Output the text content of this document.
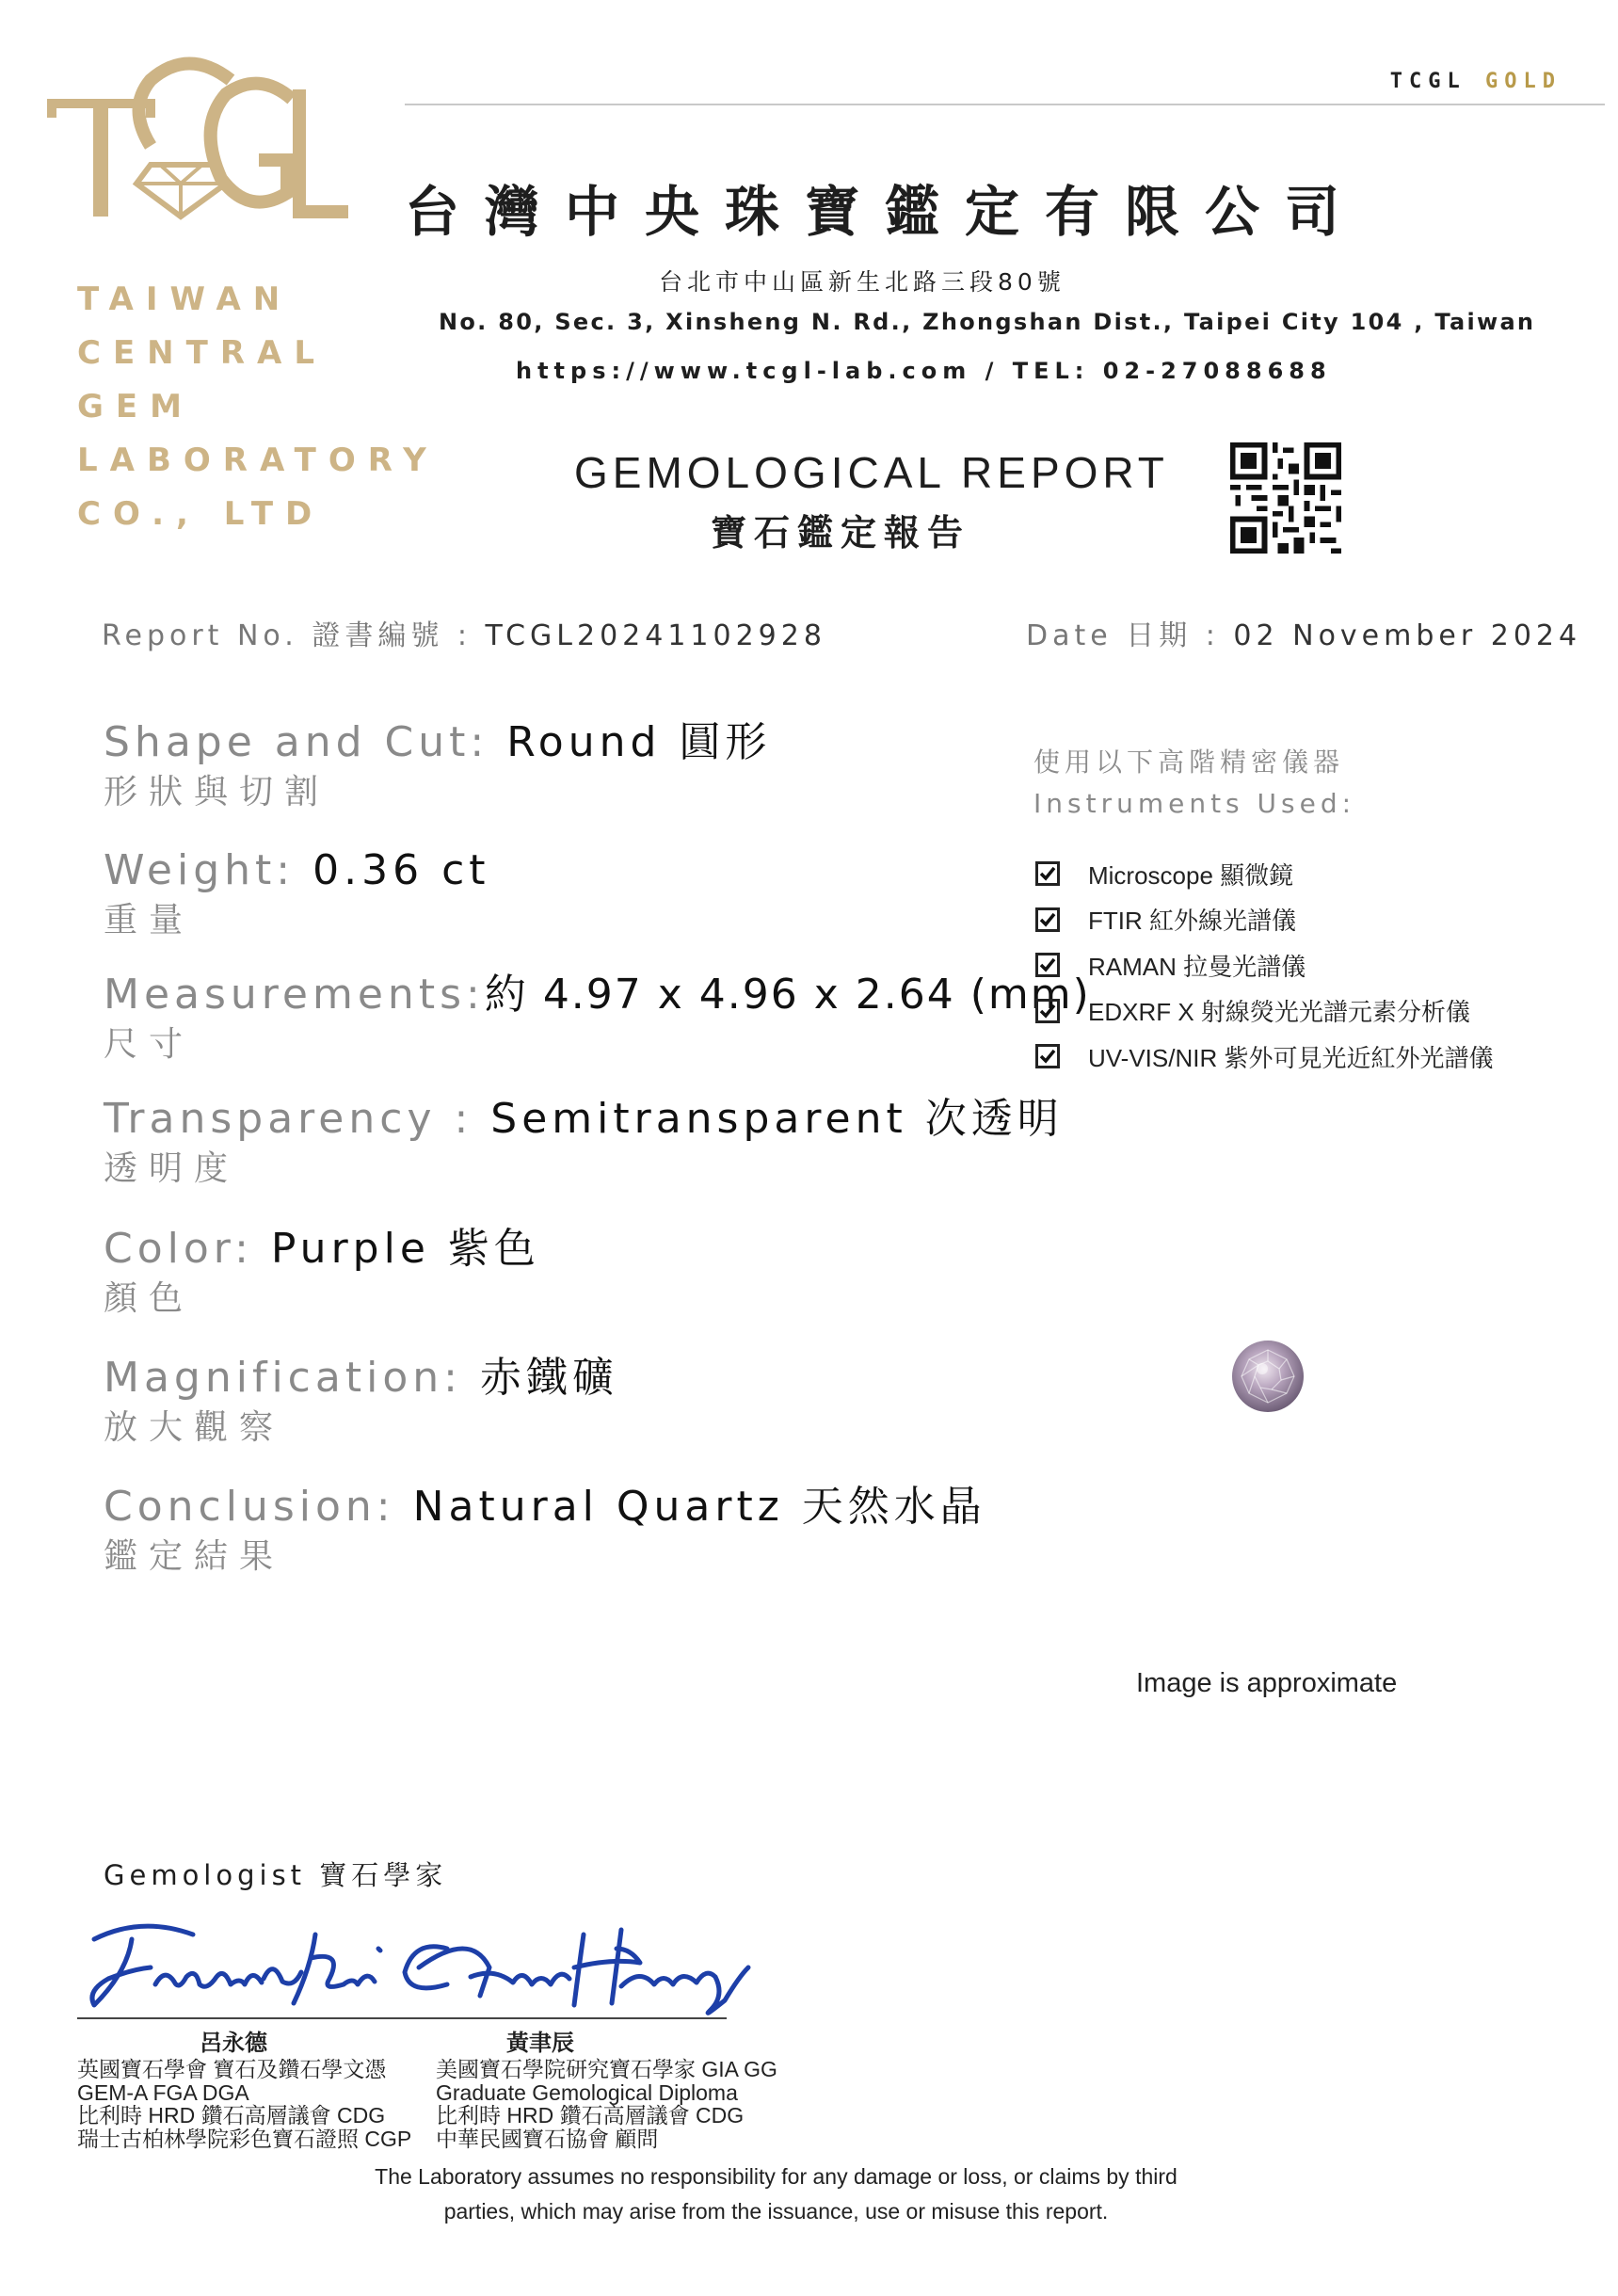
TAIWAN
CENTRAL
GEM
LABORATORY
CO., LTD
TCGL GOLD
台灣中央珠寶鑑定有限公司
台北市中山區新生北路三段80號
No. 80, Sec. 3, Xinsheng N. Rd., Zhongshan Dist., Taipei City 104 , Taiwan
https://www.tcgl-lab.com / TEL: 02-27088688
GEMOLOGICAL REPORT
寶石鑑定報告
Report No. 證書編號 : TCGL20241102928	Date 日期 : 02 November 2024
Shape and Cut: Round 圓形
形狀與切割
Weight: 0.36 ct
重量
Measurements:約 4.97 x 4.96 x 2.64 (mm)
尺寸
Transparency : Semitransparent 次透明
透明度
Color: Purple 紫色
顏色
Magnification: 赤鐵礦
放大觀察
Conclusion: Natural Quartz 天然水晶
鑑定結果
使用以下高階精密儀器
Instruments Used:
Microscope 顯微鏡
FTIR 紅外線光譜儀
RAMAN 拉曼光譜儀
EDXRF X 射線熒光光譜元素分析儀
UV-VIS/NIR 紫外可見光近紅外光譜儀
Image is approximate
Gemologist 寶石學家
呂永德	黃聿辰
英國寶石學會 寶石及鑽石學文憑
GEM-A FGA DGA
比利時 HRD 鑽石高層議會 CDG
瑞士古柏林學院彩色寶石證照 CGP
美國寶石學院研究寶石學家 GIA GG
Graduate Gemological Diploma
比利時 HRD 鑽石高層議會 CDG
中華民國寶石協會 顧問
The Laboratory assumes no responsibility for any damage or loss, or claims by third
parties, which may arise from the issuance, use or misuse this report.
